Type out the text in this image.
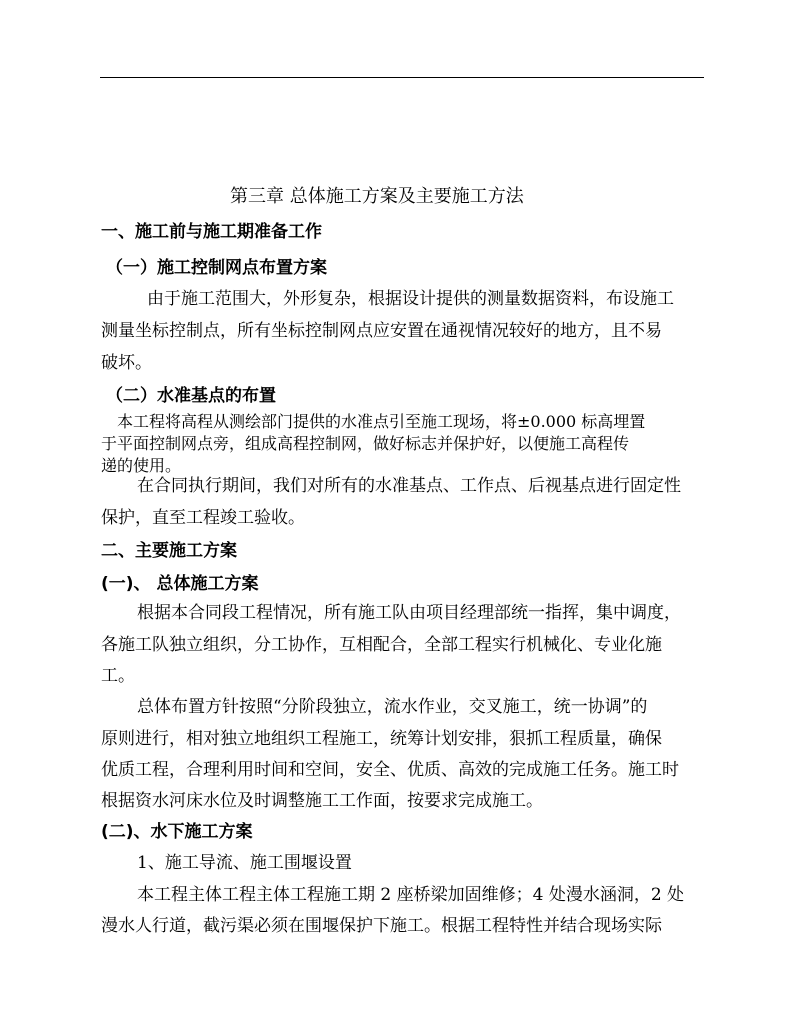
第三章 总体施工方案及主要施工方法
一、施工前与施工期准备工作
（一）施工控制网点布置方案
由于施工范围大，外形复杂，根据设计提供的测量数据资料，布设施工
测量坐标控制点，所有坐标控制网点应安置在通视情况较好的地方，且不易
破坏。
（二）水准基点的布置
本工程将高程从测绘部门提供的水准点引至施工现场，将±0.000 标高埋置
于平面控制网点旁，组成高程控制网，做好标志并保护好，以便施工高程传
递的使用。
在合同执行期间，我们对所有的水准基点、工作点、后视基点进行固定性
保护，直至工程竣工验收。
二、主要施工方案
(一)、 总体施工方案
根据本合同段工程情况，所有施工队由项目经理部统一指挥，集中调度，
各施工队独立组织，分工协作，互相配合，全部工程实行机械化、专业化施
工。
总体布置方针按照“分阶段独立，流水作业，交叉施工，统一协调”的
原则进行，相对独立地组织工程施工，统筹计划安排，狠抓工程质量，确保
优质工程，合理利用时间和空间，安全、优质、高效的完成施工任务。施工时
根据资水河床水位及时调整施工工作面，按要求完成施工。
(二)、水下施工方案
1、施工导流、施工围堰设置
本工程主体工程主体工程施工期 2 座桥梁加固维修；4 处漫水涵洞，2 处
漫水人行道，截污渠必须在围堰保护下施工。根据工程特性并结合现场实际
